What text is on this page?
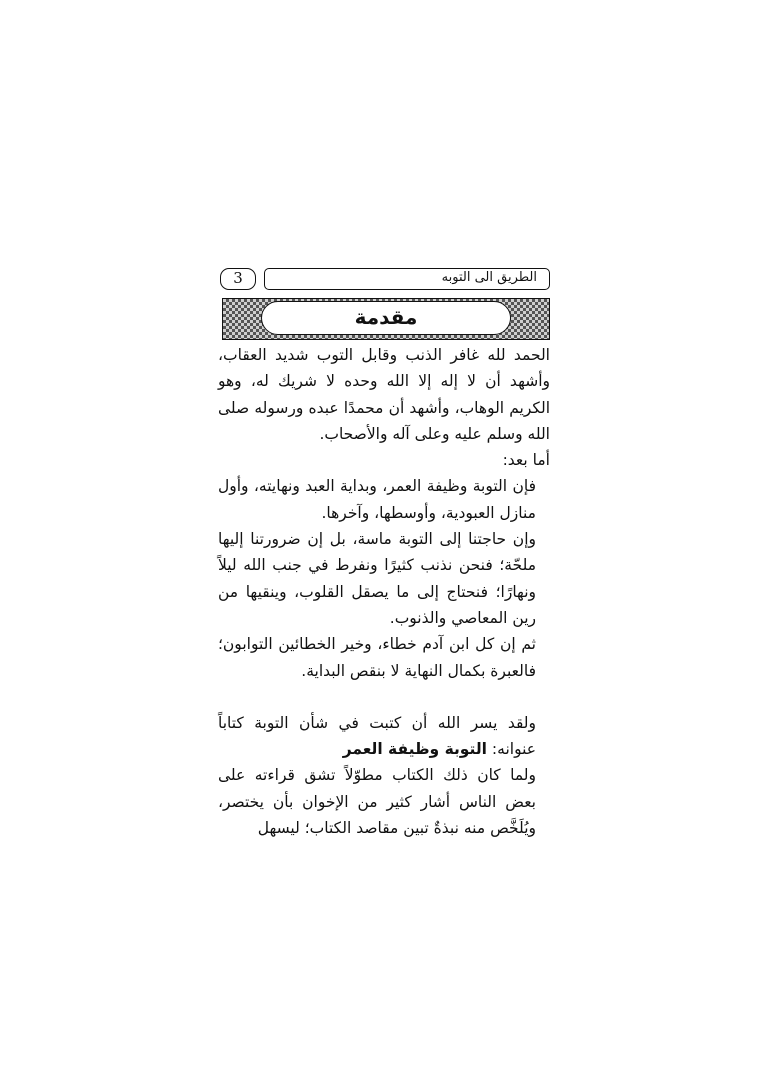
الطريق الى التوبه
3
مقدمة

الحمد لله غافر الذنب وقابل التوب شديد العقاب، وأشهد أن لا إله إلا الله وحده لا شريك له، وهو الكريم الوهاب، وأشهد أن محمدًا عبده ورسوله صلى الله وسلم عليه وعلى آله والأصحاب.

أما بعد:

فإن التوبة وظيفة العمر، وبداية العبد ونهايته، وأول منازل العبودية، وأوسطها، وآخرها.

وإن حاجتنا إلى التوبة ماسة، بل إن ضرورتنا إليها ملحّة؛ فنحن نذنب كثيرًا ونفرط في جنب الله ليلاً ونهارًا؛ فنحتاج إلى ما يصقل القلوب، وينقيها من رين المعاصي والذنوب.

ثم إن كل ابن آدم خطاء، وخير الخطائين التوابون؛ فالعبرة بكمال النهاية لا بنقص البداية.

ولقد يسر الله أن كتبت في شأن التوبة كتاباً عنوانه: التوبة وظيفة العمر

ولما كان ذلك الكتاب مطوّلاً تشق قراءته على بعض الناس أشار كثير من الإخوان بأن يختصر، ويُلَخَّص منه نبذةٌ تبين مقاصد الكتاب؛ ليسهل
